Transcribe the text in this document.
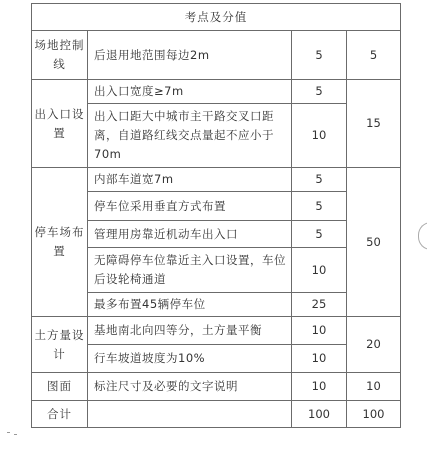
考点及分值			
场地控制线	后退用地范围每边2m	5	5
出入口设置	出入口宽度≥7m	5	15
	出入口距大中城市主干路交叉口距离，自道路红线交点量起不应小于70m	10	
停车场布置	内部车道宽7m	5	50
	停车位采用垂直方式布置	5	
	管理用房靠近机动车出入口	5	
	无障碍停车位靠近主入口设置，车位后设轮椅通道	10	
	最多布置45辆停车位	25	
土方量设计	基地南北向四等分，土方量平衡	10	20
	行车坡道坡度为10%	10	
图面	标注尺寸及必要的文字说明	10	10
合计		100	100
